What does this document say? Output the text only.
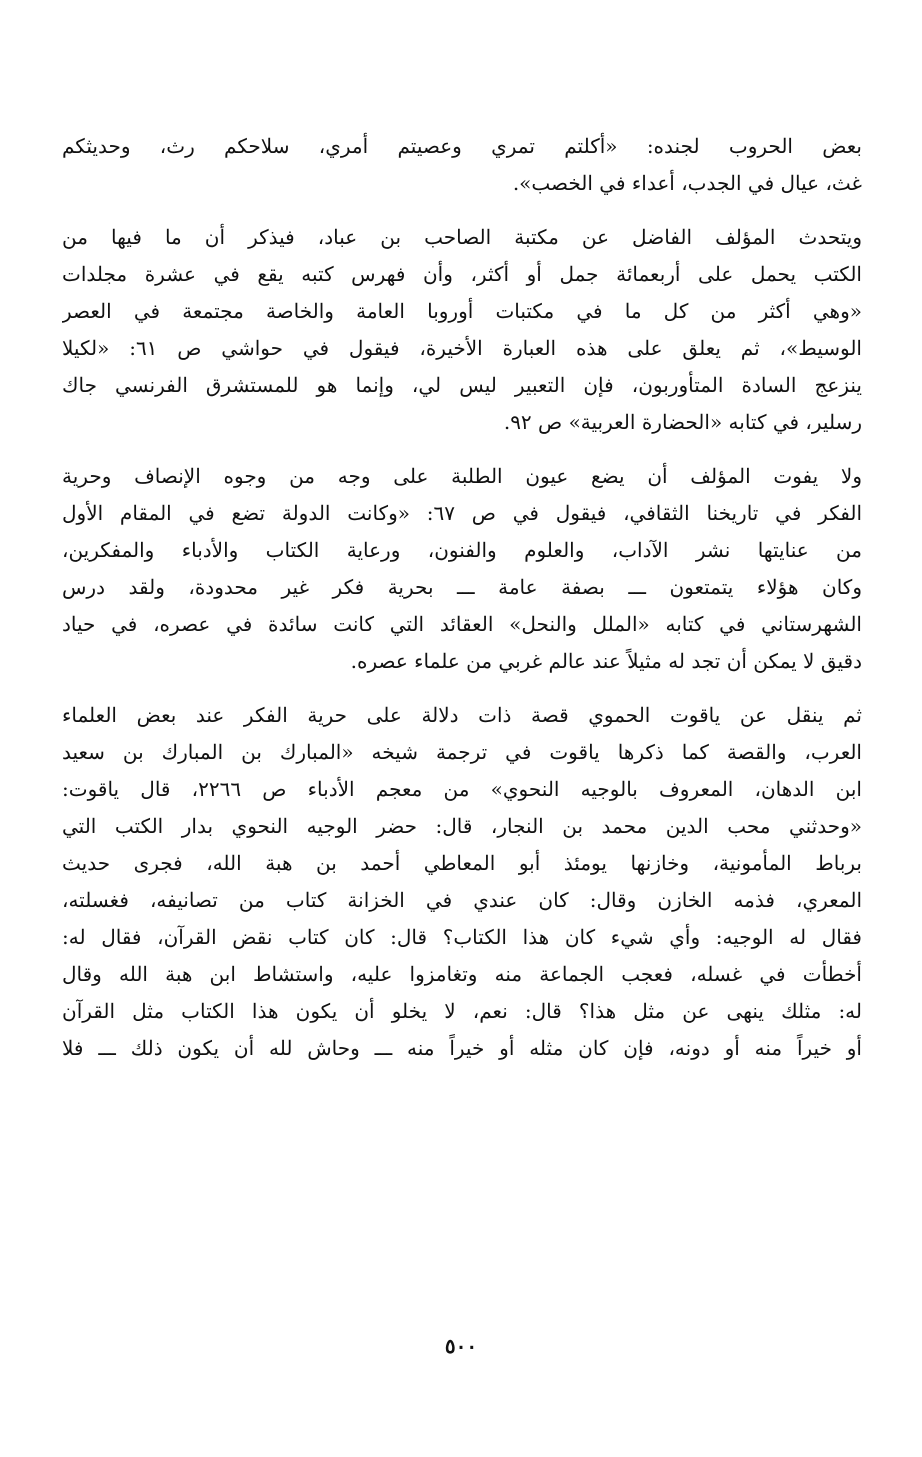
بعض الحروب لجنده: «أكلتم تمري وعصيتم أمري، سلاحكم رث، وحديثكم
غث، عيال في الجدب، أعداء في الخصب».
ويتحدث المؤلف الفاضل عن مكتبة الصاحب بن عباد، فيذكر أن ما فيها من
الكتب يحمل على أربعمائة جمل أو أكثر، وأن فهرس كتبه يقع في عشرة مجلدات
«وهي أكثر من كل ما في مكتبات أوروبا العامة والخاصة مجتمعة في العصر
الوسيط»، ثم يعلق على هذه العبارة الأخيرة، فيقول في حواشي ص ٦١: «لكيلا
ينزعج السادة المتأوربون، فإن التعبير ليس لي، وإنما هو للمستشرق الفرنسي جاك
رسلير، في كتابه «الحضارة العربية» ص ٩٢.
ولا يفوت المؤلف أن يضع عيون الطلبة على وجه من وجوه الإنصاف وحرية
الفكر في تاريخنا الثقافي، فيقول في ص ٦٧: «وكانت الدولة تضع في المقام الأول
من عنايتها نشر الآداب، والعلوم والفنون، ورعاية الكتاب والأدباء والمفكرين،
وكان هؤلاء يتمتعون ـــ بصفة عامة ـــ بحرية فكر غير محدودة، ولقد درس
الشهرستاني في كتابه «الملل والنحل» العقائد التي كانت سائدة في عصره، في حياد
دقيق لا يمكن أن تجد له مثيلاً عند عالم غربي من علماء عصره.
ثم ينقل عن ياقوت الحموي قصة ذات دلالة على حرية الفكر عند بعض العلماء
العرب، والقصة كما ذكرها ياقوت في ترجمة شيخه «المبارك بن المبارك بن سعيد
ابن الدهان، المعروف بالوجيه النحوي» من معجم الأدباء ص ٢٢٦٦، قال ياقوت:
«وحدثني محب الدين محمد بن النجار، قال: حضر الوجيه النحوي بدار الكتب التي
برباط المأمونية، وخازنها يومئذ أبو المعاطي أحمد بن هبة الله، فجرى حديث
المعري، فذمه الخازن وقال: كان عندي في الخزانة كتاب من تصانيفه، فغسلته،
فقال له الوجيه: وأي شيء كان هذا الكتاب؟ قال: كان كتاب نقض القرآن، فقال له:
أخطأت في غسله، فعجب الجماعة منه وتغامزوا عليه، واستشاط ابن هبة الله وقال
له: مثلك ينهى عن مثل هذا؟ قال: نعم، لا يخلو أن يكون هذا الكتاب مثل القرآن
أو خيراً منه أو دونه، فإن كان مثله أو خيراً منه ـــ وحاش لله أن يكون ذلك ـــ فلا
٥٠٠
